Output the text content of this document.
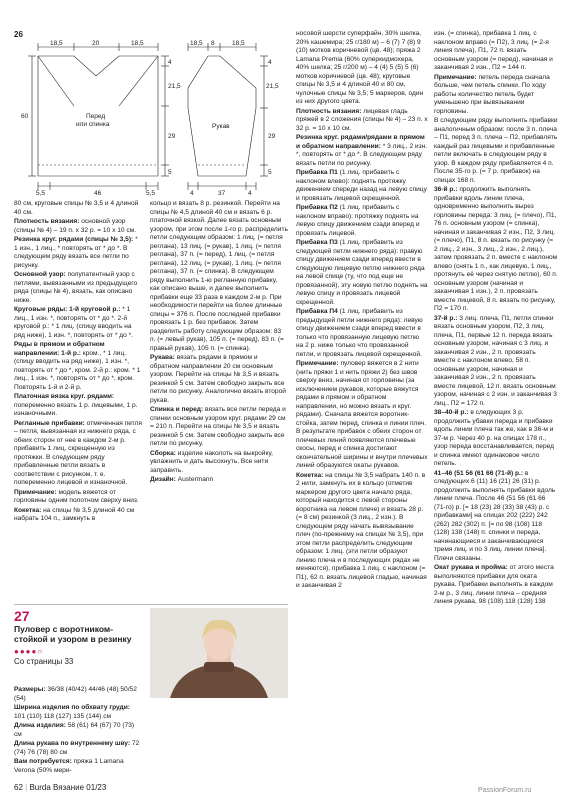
26
18,5	20	18,5
4
21,5
29
5
60	Перед
или спинка
5,5	46	5,5
18,5 8	18,5
4
21,5
29
5
Рукав
4	37	4

80 см, круговые спицы № 3,5 и 4 длиной 40 см.

Плотность вязания: основной узор (спицы № 4) – 19 п. x 32 р. = 10 x 10 см.

Резинка круг. рядами (спицы № 3,5): * 1 изн., 1 лиц., * повторять от * до *. В следующем ряду вязать все петли по рисунку.

Основной узор: полупатентный узор с петлями, вывязанными из предыдущего ряда (спицы № 4), вязать, как описано ниже.

Круговые ряды: 1-й круговой р.: * 1 лиц., 1 изн. *, повторять от * до *. 2-й круговой р.: * 1 лиц. (спицу вводить на ряд ниже), 1 изн. *, повторять от * до *.

Ряды в прямом и обратном направлении: 1-й р.: кром., * 1 лиц. (спицу вводить на ряд ниже), 1 изн. *, повторять от * до *, кром. 2-й р.: кром. * 1 лиц., 1 изн. *, повторять от * до *, кром. Повторять 1-й и 2-й р.

Платочная вязка круг. рядами: попеременно вязать 1 р. лицевыми, 1 р. изнаночными.

Регланные прибавки: отмеченная петля – петля, вывязанная из нижнего ряда, с обеих сторон от нее в каждом 2-м р. прибавить 1 лиц. скрещенную из протяжки. В следующем ряду прибавленные петли вязать в соответствии с рисунком, т. е. попеременно лицевой и изнаночной.

Примечание: модель вяжется от горловины одним полотном сверху вниз.

Кокетка: на спицы № 3,5 длиной 40 см набрать 104 п., замкнуть в

кольцо и вязать 8 р. резинкой. Перейти на спицы № 4,5 длиной 40 см и вязать 6 р. платочной вязкой. Далее вязать основным узором, при этом после 1-го р. распределить петли следующим образом: 1 лиц. (= петля реглана), 13 лиц. (= рукав), 1 лиц. (= петля реглана), 37 п. (= перед), 1 лиц. (= петля реглана), 12 лиц. (= рукав), 1 лиц. (= петля реглана), 37 п. (= спинка). В следующем ряду выполнить 1-ю регланную прибавку, как описано выше, и далее выполнить прибавки еще 33 раза в каждом 2-м р. При необходимости перейти на более длинные спицы = 376 п. После последней прибавки провязать 1 р. без прибавок. Затем разделить работу следующим образом: 83 п. (= левый рукав), 105 п. (= перед), 83 п. (= правый рукав), 105 п. (= спинка).

Рукава: вязать рядами в прямом и обратном направлении 20 см основным узором. Перейти на спицы № 3,5 и вязать резинкой 5 см. Затем свободно закрыть все петли по рисунку. Аналогично вязать второй рукав.

Спинка и перед: вязать все петли переда и спинки основным узором круг. рядами 29 см = 210 п. Перейти на спицы № 3,5 и вязать резинкой 5 см. Затем свободно закрыть все петли по рисунку.

Сборка: изделие наколоть на выкройку, увлажнить и дать высохнуть. Все нити заправить.

Дизайн: Austermann

27
Пуловер с воротником-стойкой и узором в резинку
●●●●○
Со страницы 33

Размеры: 36/38 (40/42) 44/46 (48) 50/52 (54)

Ширина изделия по обхвату груди: 101 (110) 118 (127) 135 (144) см

Длина изделия: 58 (61) 64 (67) 70 (73) см

Длина рукава по внутреннему шву: 72 (74) 76 (78) 80 см

Вам потребуется: пряжа 1 Lamana Verona (50% мери-

носовой шерсти суперфайн, 30% шелка, 20% кашемира; 25 г/180 м) – 6 (7) 7 (8) 9 (10) мотков коричневой (цв. 48); пряжа 2 Lamana Premia (60% суперкидмохера, 40% шелка; 25 г/200 м) – 4 (4) 5 (5) 5 (6) мотков коричневой (цв. 48); круговые спицы № 3,5 и 4 длиной 40 и 80 см, чулочные спицы № 3,5; 5 маркеров, один из них другого цвета.

Плотность вязания: лицевая гладь пряжей в 2 сложения (спицы № 4) – 23 п. x 32 р. = 10 x 10 см.

Резинка круг. рядами/рядами в прямом и обратном направлении: * 3 лиц., 2 изн. *, повторять от * до *. В следующем ряду вязать петли по рисунку.

Прибавка П1 (1 лиц. прибавить с наклоном влево): поднять протяжку движением спереди назад на левую спицу и провязать лицевой скрещенной.

Прибавка П2 (1 лиц. прибавить с наклоном вправо): протяжку поднять на левую спицу движением сзади вперед и провязать лицевой.

Прибавка П3 (1 лиц. прибавить из следующей петли нижнего ряда): правую спицу движением сзади вперед ввести в следующую лицевую петлю нижнего ряда на левой спице (ту, что под еще не провязанной), эту новую петлю поднять на левую спицу и провязать лицевой скрещенной.

Прибавка П4 (1 лиц. прибавить из предыдущей петли нижнего ряда): левую спицу движением сзади вперед ввести в только что провязанную лицевую петлю на 2 р. ниже только что провязанной петли, и провязать лицевой скрещенной.

Примечание: пуловер вяжется в 2 нити (нить пряжи 1 и нить пряжи 2) без швов сверху вниз, начиная от горловины (за исключением рукавов, которые вяжутся рядами в прямом и обратном направлении, но можно вязать и круг. рядами). Сначала вяжется воротник-стойка, затем перед, спинка и линии плеч. В результате прибавок с обеих сторон от плечевых линий появляются плечевые скосы, перед и спинка достигают окончательной ширины и внутри плечевых линий образуются окаты рукавов.

Кокетка: на спицы № 3,5 набрать 140 п. в 2 нити, замкнуть их в кольцо (отметив маркером другого цвета начало ряда, который находится с левой стороны воротника на левом плече) и вязать 28 р. (= 8 см) резинкой (3 лиц., 2 изн.). В следующем ряду начать вывязывание плеч (по-прежнему на спицах № 3,5), при этом петли распределить следующим образом: 1 лиц. (эти петли образуют линию плеча и в последующих рядах не меняются), прибавка 1 лиц. с наклоном (= П1), 62 п. вязать лицевой гладью, начиная и заканчивая 2

изн. (= спинка), прибавка 1 лиц. с наклоном вправо (= П2), 3 лиц. (= 2-я линия плеча), П1, 72 п. вязать основным узором (= перед), начиная и заканчивая 2 изн., П2 = 144 п.

Примечание: петель переда сначала больше, чем петель спинки. По ходу работы количество петель будет уменьшено при вывязывании горловины.

В следующем ряду выполнить прибавки аналогичным образом: после 3 п. плеча – П1, перед 3 п. плеча – П2, прибавлять каждый раз лицевыми и прибавленные петли включать в следующем ряду в узор. В каждом ряду прибавляется 4 п. После 35-го р. (= 7 р. прибавок) на спицах 168 п.

36-й р.: продолжить выполнять прибавки вдоль линии плеча, одновременно выполнить вырез горловины переда: 3 лиц. (= плечо), П1, 76 п. основным узором (= спинка), начиная и заканчивая 2 изн., П2, 3 лиц. (= плечо), П1, 8 п. вязать по рисунку (= 2 лиц., 2 изн., 3 лиц., 2 изн., 2 лиц.), затем провязать 2 п. вместе с наклоном влево (снять 1 п., как лицевую, 1 лиц., протянуть её через снятую петлю), 60 п. основным узором (начиная и заканчивая 1 изн.), 2 п. провязать вместе лицевой, 8 п. вязать по рисунку, П2 = 170 п.

37-й р.: 3 лиц. плеча, П1, петли спинки вязать основным узором, П2, 3 лиц. плеча, П1, первые 12 п. переда вязать основным узором, начиная с 3 лиц. и заканчивая 2 изн., 2 п. провязать вместе с наклоном влево, 58 п. основным узором, начиная и заканчивая 2 изн., 2 п. провязать вместе лицевой, 12 п. вязать основным узором, начиная с 2 изн. и заканчивая 3 лиц., П2 = 172 п.

38–40-й р.: в следующих 3 р. продолжить убавки переда и прибавки вдоль линии плеча так же, как в 36-м и 37-м р. Через 40 р. на спицах 178 п., узор переда восстанавливается, перед и спинка имеют одинаковое число петель.

41–46 (51 56 (61 66 (71-й) р.: в следующих 6 (11) 16 (21) 26 (31) р. продолжить выполнять прибавки вдоль линии плеча. После 46 (51 56 (61 66 (71-го) р. [= 18 (23) 28 (33) 38 (43) р. с прибавками] на спицах 202 (222) 242 (262) 282 (302) п. [= по 98 (108) 118 (128) 138 (148) п. спинки и переда, начинающиеся и заканчивающиеся тремя лиц. и по 3 лиц. линии плеча]. Плечи связаны.

Окат рукава и пройма: от этого места выполняются прибавки для оката рукава. Прибавки выполнять в каждом 2-м р., 3 лиц. линии плеча – средняя линия рукава, 98 (108) 118 (128) 138

62 | Burda Вязание 01/23	PassionForum.ru
